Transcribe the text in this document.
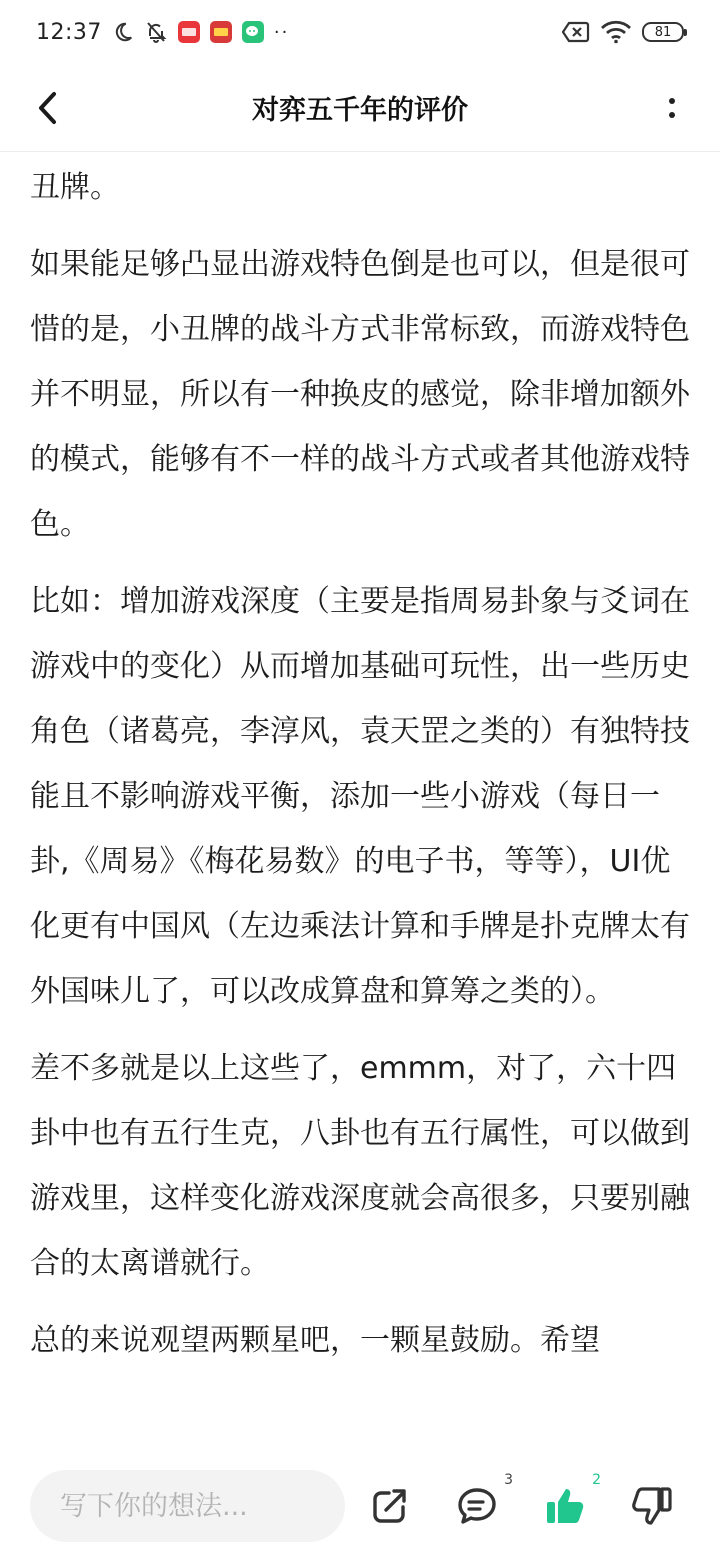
12:37	··	81
对弈五千年的评价

丑牌。

如果能足够凸显出游戏特色倒是也可以，但是很可惜的是，小丑牌的战斗方式非常标致，而游戏特色并不明显，所以有一种换皮的感觉，除非增加额外的模式，能够有不一样的战斗方式或者其他游戏特色。

比如：增加游戏深度（主要是指周易卦象与爻词在游戏中的变化）从而增加基础可玩性，出一些历史角色（诸葛亮，李淳风，袁天罡之类的）有独特技能且不影响游戏平衡，添加一些小游戏（每日一卦,《周易》《梅花易数》的电子书，等等），UI优化更有中国风（左边乘法计算和手牌是扑克牌太有外国味儿了，可以改成算盘和算筹之类的）。

差不多就是以上这些了，emmm，对了，六十四卦中也有五行生克，八卦也有五行属性，可以做到游戏里，这样变化游戏深度就会高很多，只要别融合的太离谱就行。

总的来说观望两颗星吧，一颗星鼓励。希望

写下你的想法...
3	2
